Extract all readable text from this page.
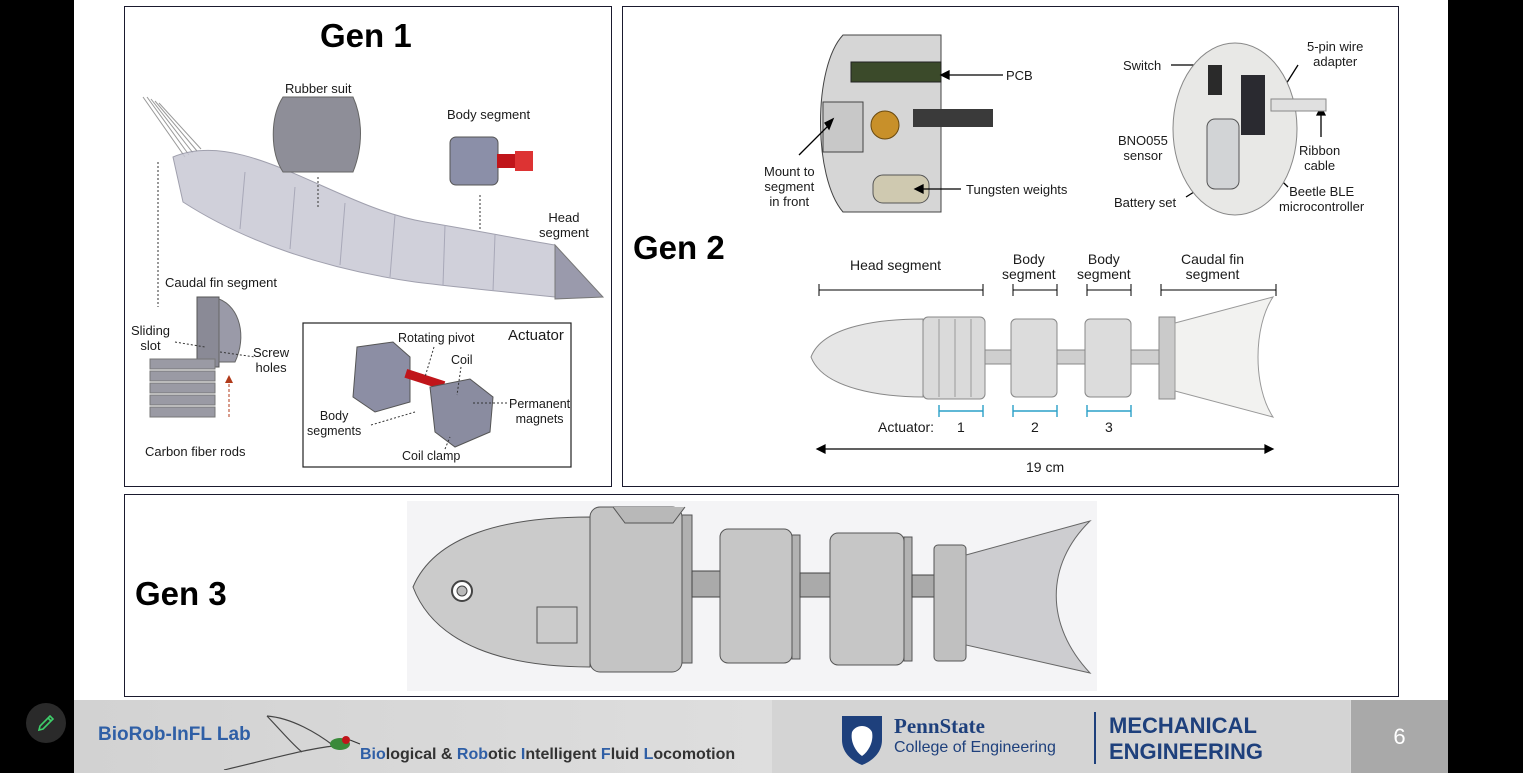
Gen 1
Rubber suit
Body segment
Head
segment
Caudal fin segment
Sliding
slot	Screw
holes
Carbon fiber rods
Actuator
Rotating pivot
Coil
Permanent
magnets
Body
segments
Coil clamp
Gen 2
PCB
Mount to
segment
in front
Tungsten weights
Switch
5-pin wire
adapter
BNO055
sensor	Ribbon
cable
Battery set
Beetle BLE
microcontroller
Head segment	Body
segment
Body
segment
Caudal fin
segment
Actuator: 1	2	3
19 cm
Gen 3
BioRob-InFL Lab
Biological & Robotic Intelligent Fluid Locomotion
PennState
College of Engineering
MECHANICAL
ENGINEERING
6
